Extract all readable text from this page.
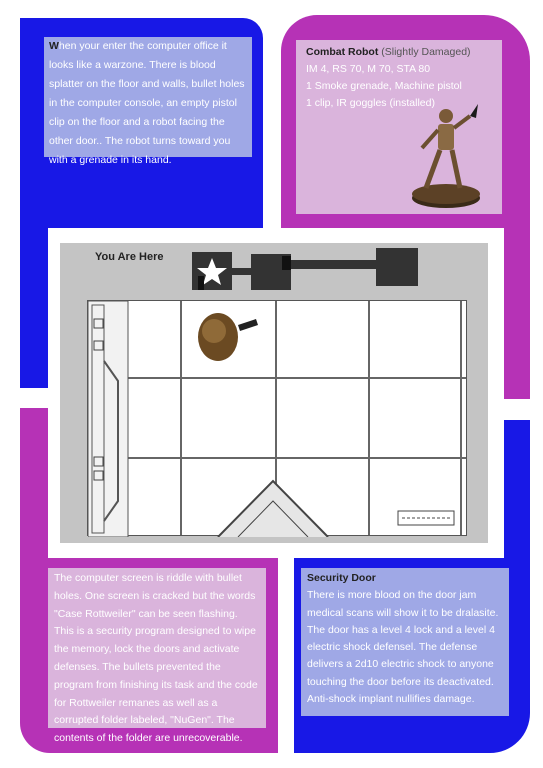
When your enter the computer office it looks like a warzone. There is blood splatter on the floor and walls, bullet holes in the computer console, an empty pistol clip on the floor and a robot facing the other door.. The robot turns toward you with a grenade in its hand.
Combat Robot (Slightly Damaged)
IM 4, RS 70, M 70, STA 80
1 Smoke grenade, Machine pistol
1 clip, IR goggles (installed)
You Are Here
The computer screen is riddle with bullet holes. One screen is cracked but the words "Case Rottweiler" can be seen flashing. This is a security program designed to wipe the memory, lock the doors and activate defenses. The bullets prevented the program from finishing its task and the code for Rottweiler remanes as well as a corrupted folder labeled, "NuGen". The contents of the folder are unrecoverable.
Security Door
There is more blood on the door jam medical scans will show it to be dralasite. The door has a level 4 lock and a level 4 electric shock defensel. The defense delivers a 2d10 electric shock to anyone touching the door before its deactivated. Anti-shock implant nullifies damage.
